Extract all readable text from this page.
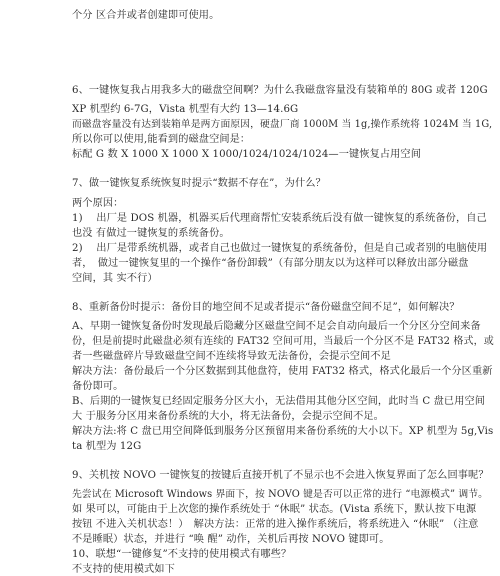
个分 区合并或者创建即可使用。
6、一键恢复我占用我多大的磁盘空间啊？为什么我磁盘容量没有装箱单的 80G 或者 120G
XP 机型约 6-7G，Vista 机型有大约 13—14.6G
而磁盘容量没有达到装箱单是两方面原因，硬盘厂商 1000M 当 1g,操作系统将 1024M 当 1G,
所以你可以使用,能看到的磁盘空间是：
标配 G 数 X 1000 X 1000 X 1000/1024/1024/1024—一键恢复占用空间
7、做一键恢复系统恢复时提示“数据不存在”，为什么？
两个原因：
1)　 出厂是 DOS 机器，机器买后代理商帮忙安装系统后没有做一键恢复的系统备份，自己
也没 有做过一键恢复的系统备份。
2)　 出厂是带系统机器，或者自己也做过一键恢复的系统备份，但是自己或者别的电脑使用
者，　做过一键恢复里的一个操作“备份卸载”（有部分朋友以为这样可以释放出部分磁盘
空间，其 实不行）
8、重新备份时提示：备份目的地空间不足或者提示“备份磁盘空间不足”，如何解决？
A、早期一键恢复备份时发现最后隐藏分区磁盘空间不足会自动向最后一个分区分空间来备
份，但是前提时此磁盘必须有连续的 FAT32 空间可用，当最后一个分区不是 FAT32 格式，或
者一些磁盘碎片导致磁盘空间不连续将导致无法备份，会提示空间不足
解决方法：备份最后一个分区数据到其他盘符，使用 FAT32 格式，格式化最后一个分区重新
备份即可。
B、后期的一键恢复已经固定服务分区大小，无法借用其他分区空间，此时当 C 盘已用空间
大 于服务分区用来备份系统的大小，将无法备份，会提示空间不足。
解决方法:将 C 盘已用空间降低到服务分区预留用来备份系统的大小以下。XP 机型为 5g,Vis
ta 机型为 12G
9、关机按 NOVO 一键恢复的按键后直接开机了不显示也不会进入恢复界面了怎么回事呢？
先尝试在 Microsoft Windows 界面下，按 NOVO 键是否可以正常的进行 “电源模式” 调节。
如 果可以，可能由于上次您的操作系统处于 “休眠” 状态。(Vista 系统下，默认按下电源
按钮 不进入关机状态！）　解决方法：正常的进入操作系统后，将系统进入 “休眠” （注意
不是睡眠）状态，并进行 “唤 醒” 动作，关机后再按 NOVO 键即可。
10、联想“一键修复”不支持的使用模式有哪些？
不支持的使用模式如下
